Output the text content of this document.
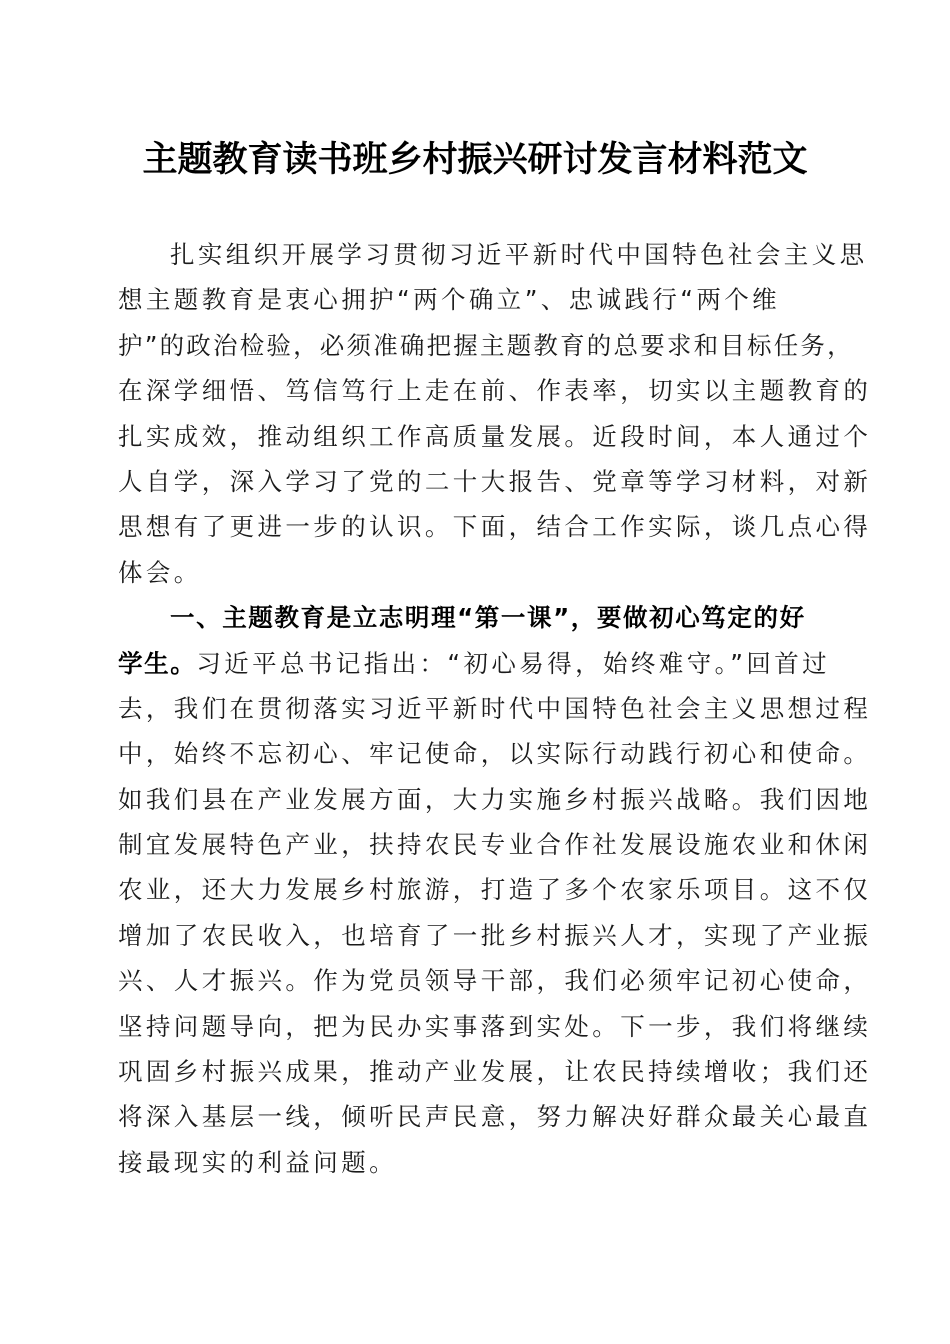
主题教育读书班乡村振兴研讨发言材料范文
扎实组织开展学习贯彻习近平新时代中国特色社会主义思
想主题教育是衷心拥护“两个确立”、忠诚践行“两个维
护”的政治检验，必须准确把握主题教育的总要求和目标任务，
在深学细悟、笃信笃行上走在前、作表率，切实以主题教育的
扎实成效，推动组织工作高质量发展。近段时间，本人通过个
人自学，深入学习了党的二十大报告、党章等学习材料，对新
思想有了更进一步的认识。下面，结合工作实际，谈几点心得
体会。
一、主题教育是立志明理“第一课”，要做初心笃定的好
学生。习近平总书记指出：“初心易得，始终难守。”回首过
去，我们在贯彻落实习近平新时代中国特色社会主义思想过程
中，始终不忘初心、牢记使命，以实际行动践行初心和使命。
如我们县在产业发展方面，大力实施乡村振兴战略。我们因地
制宜发展特色产业，扶持农民专业合作社发展设施农业和休闲
农业，还大力发展乡村旅游，打造了多个农家乐项目。这不仅
增加了农民收入，也培育了一批乡村振兴人才，实现了产业振
兴、人才振兴。作为党员领导干部，我们必须牢记初心使命，
坚持问题导向，把为民办实事落到实处。下一步，我们将继续
巩固乡村振兴成果，推动产业发展，让农民持续增收；我们还
将深入基层一线，倾听民声民意，努力解决好群众最关心最直
接最现实的利益问题。
